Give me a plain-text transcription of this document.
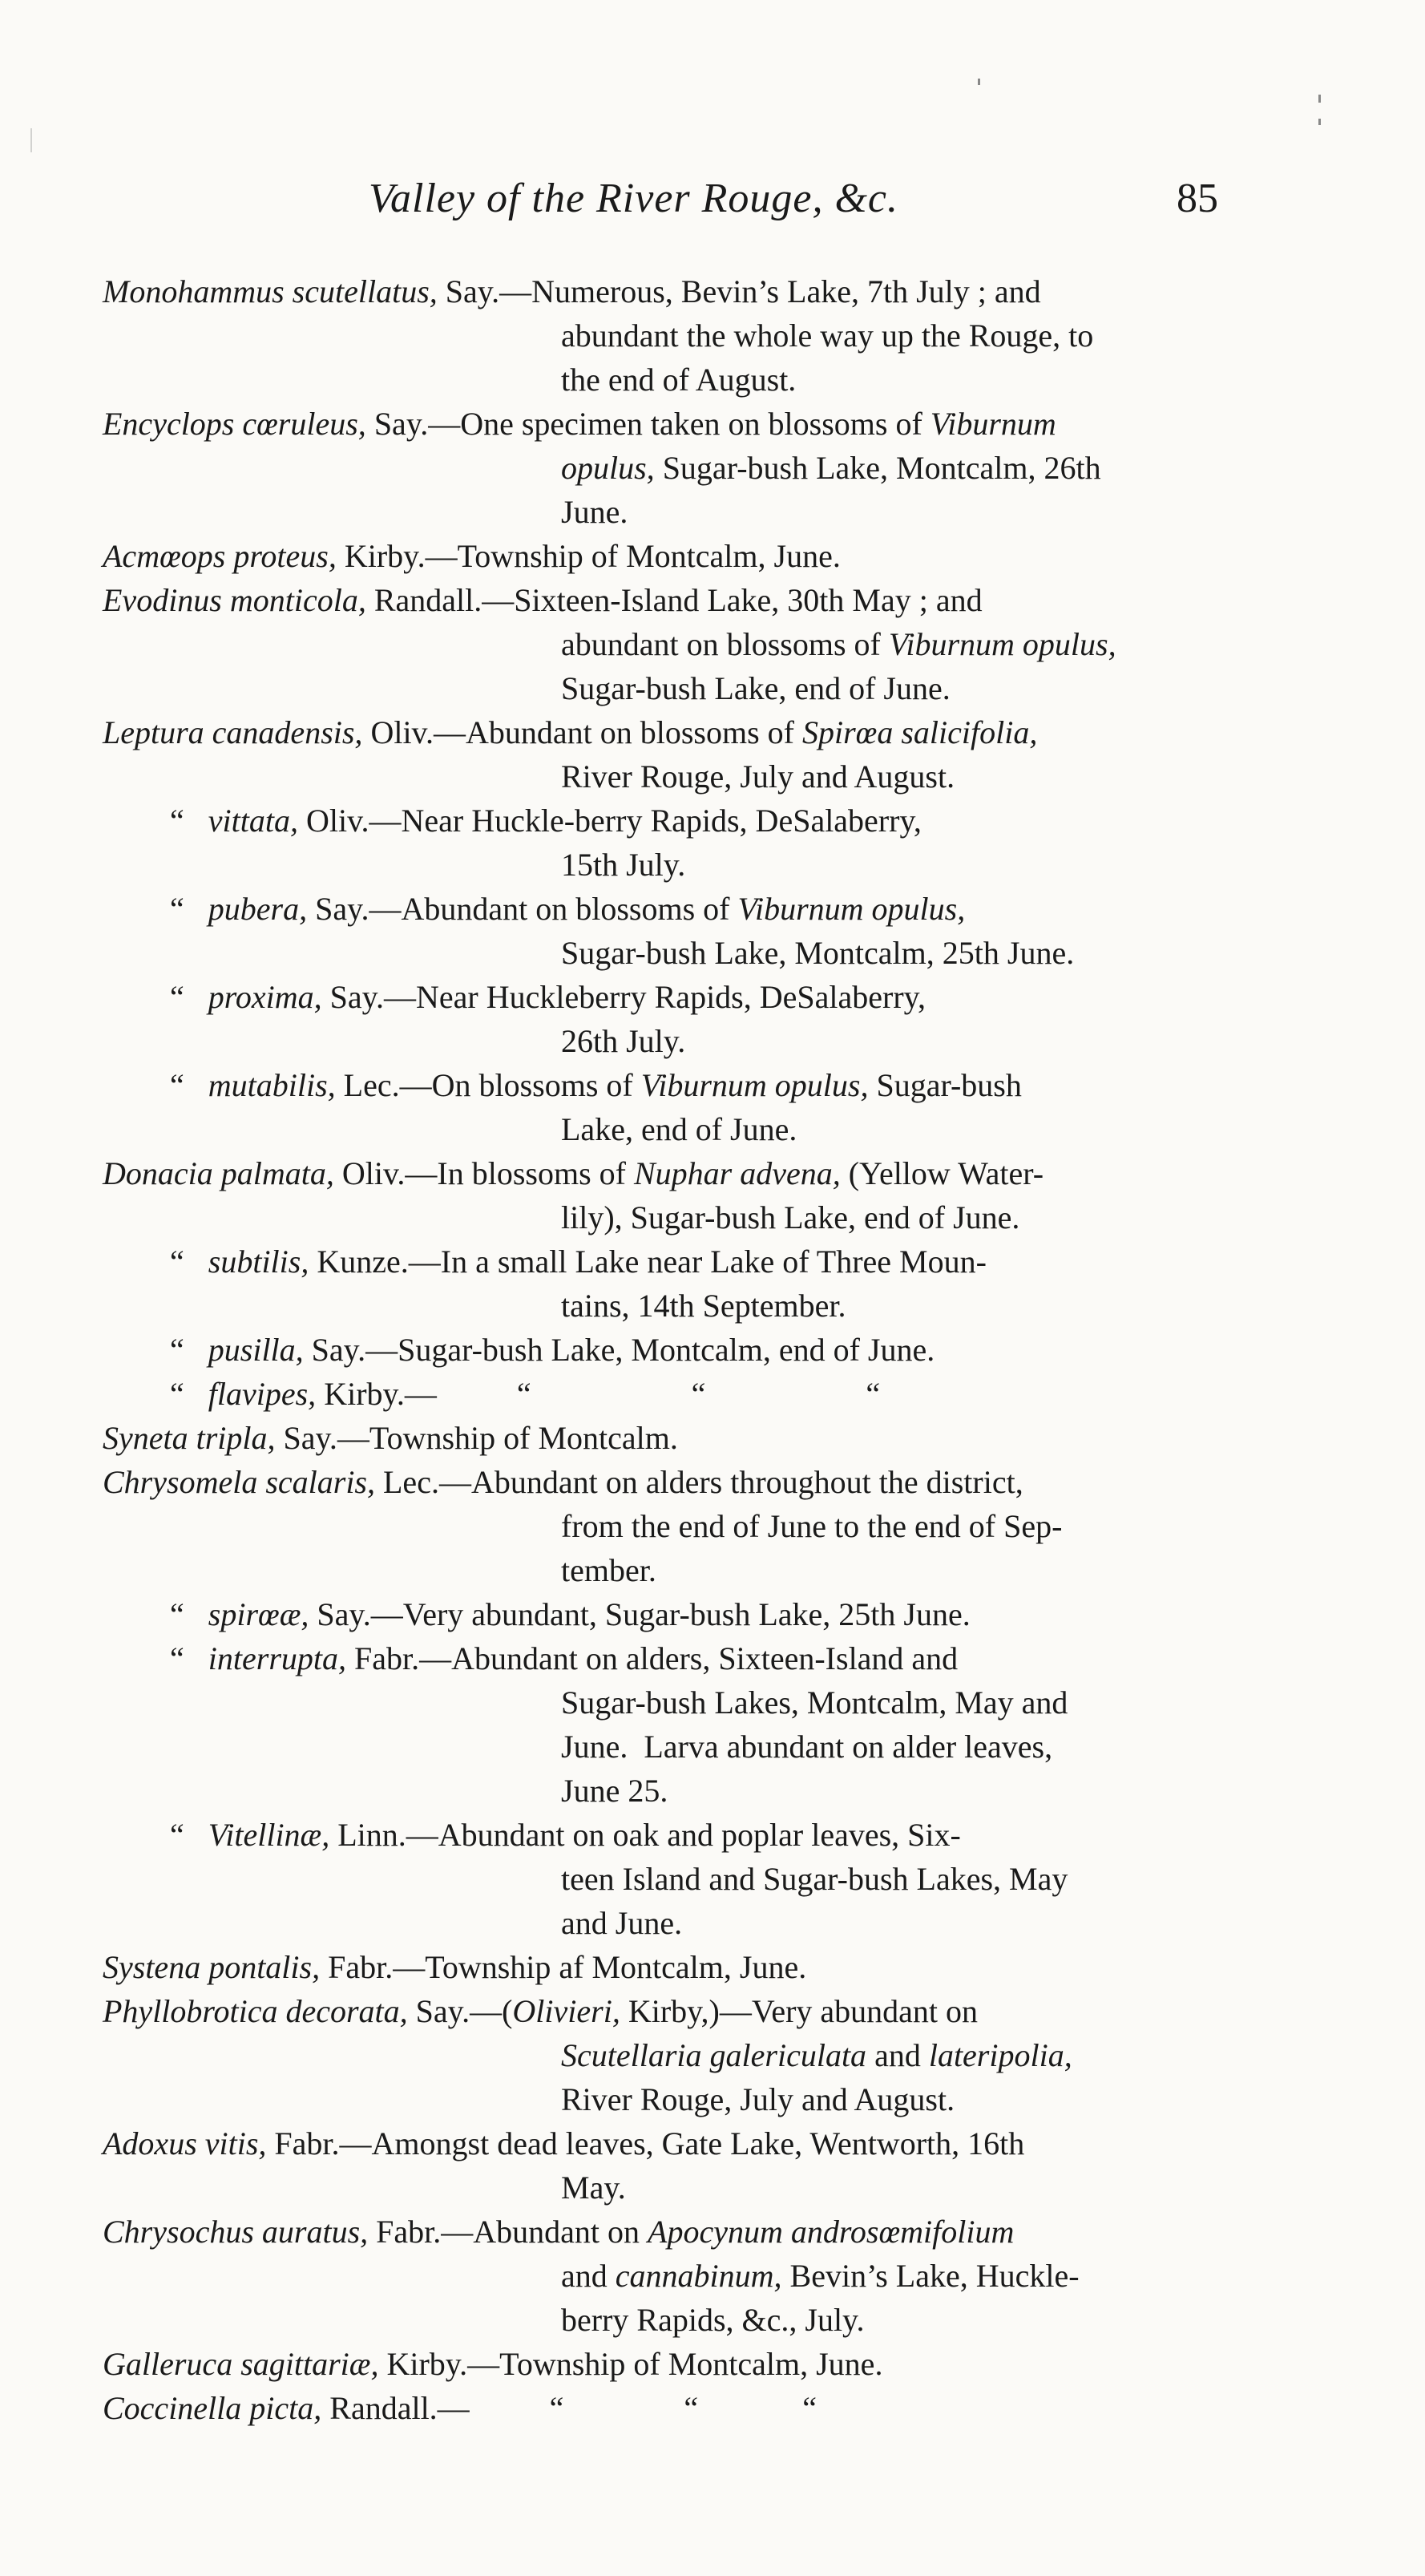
Valley of the River Rouge, &c.	85
Monohammus scutellatus, Say.—Numerous, Bevin’s Lake, 7th July ; and
abundant the whole way up the Rouge, to
the end of August.
Encyclops cœruleus, Say.—One specimen taken on blossoms of Viburnum
opulus, Sugar-bush Lake, Montcalm, 26th
June.
Acmœops proteus, Kirby.—Township of Montcalm, June.
Evodinus monticola, Randall.—Sixteen-Island Lake, 30th May ; and
abundant on blossoms of Viburnum opulus,
Sugar-bush Lake, end of June.
Leptura canadensis, Oliv.—Abundant on blossoms of Spirœa salicifolia,
River Rouge, July and August.
“   vittata, Oliv.—Near Huckle-berry Rapids, DeSalaberry,
15th July.
“   pubera, Say.—Abundant on blossoms of Viburnum opulus,
Sugar-bush Lake, Montcalm, 25th June.
“   proxima, Say.—Near Huckleberry Rapids, DeSalaberry,
26th July.
“   mutabilis, Lec.—On blossoms of Viburnum opulus, Sugar-bush
Lake, end of June.
Donacia palmata, Oliv.—In blossoms of Nuphar advena, (Yellow Water-
lily), Sugar-bush Lake, end of June.
“   subtilis, Kunze.—In a small Lake near Lake of Three Moun-
tains, 14th September.
“   pusilla, Say.—Sugar-bush Lake, Montcalm, end of June.
“   flavipes, Kirby.—          “                    “                    “
Syneta tripla, Say.—Township of Montcalm.
Chrysomela scalaris, Lec.—Abundant on alders throughout the district,
from the end of June to the end of Sep-
tember.
“   spirœæ, Say.—Very abundant, Sugar-bush Lake, 25th June.
“   interrupta, Fabr.—Abundant on alders, Sixteen-Island and
Sugar-bush Lakes, Montcalm, May and
June.  Larva abundant on alder leaves,
June 25.
“   Vitellinæ, Linn.—Abundant on oak and poplar leaves, Six-
teen Island and Sugar-bush Lakes, May
and June.
Systena pontalis, Fabr.—Township af Montcalm, June.
Phyllobrotica decorata, Say.—(Olivieri, Kirby,)—Very abundant on
Scutellaria galericulata and lateripolia,
River Rouge, July and August.
Adoxus vitis, Fabr.—Amongst dead leaves, Gate Lake, Wentworth, 16th
May.
Chrysochus auratus, Fabr.—Abundant on Apocynum androsœmifolium
and cannabinum, Bevin’s Lake, Huckle-
berry Rapids, &c., July.
Galleruca sagittariæ, Kirby.—Township of Montcalm, June.
Coccinella picta, Randall.—          “               “             “
